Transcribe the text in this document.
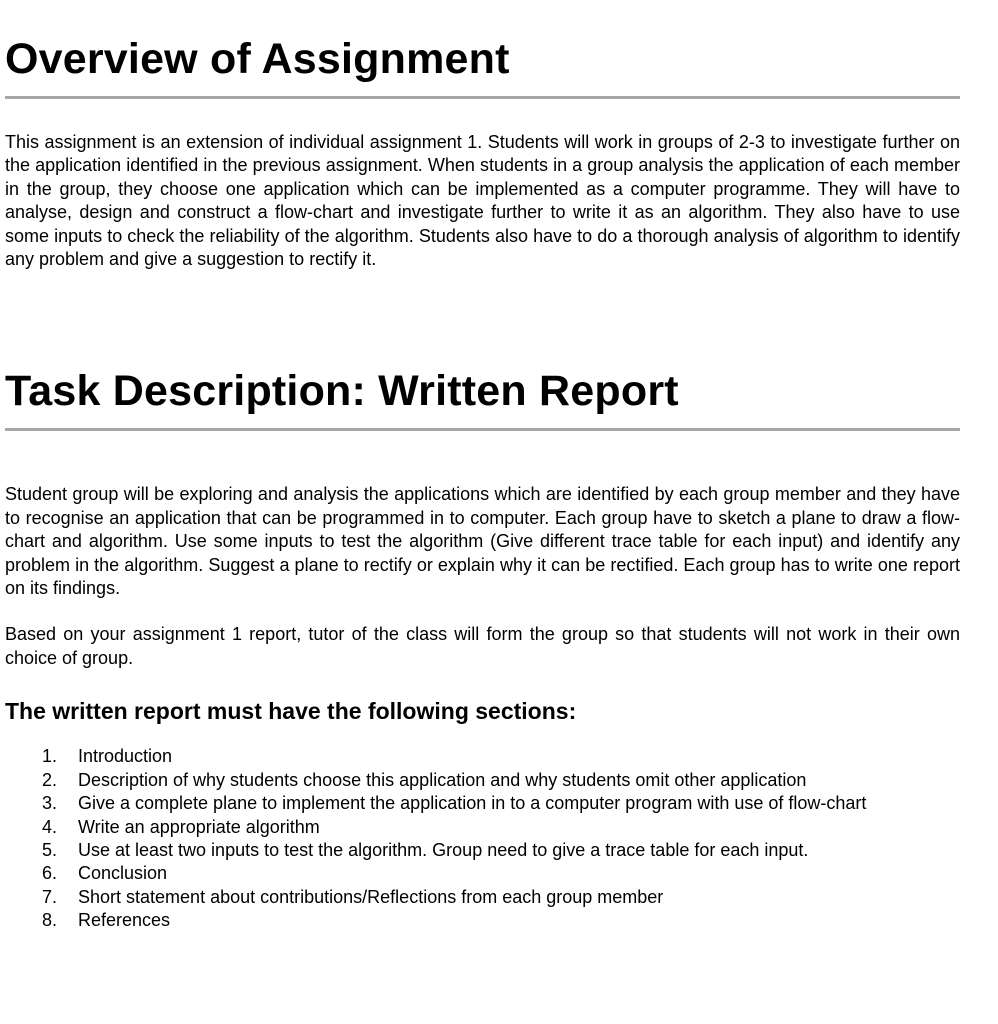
Overview of Assignment

This assignment is an extension of individual assignment 1. Students will work in groups of 2-3 to investigate further on the application identified in the previous assignment. When students in a group analysis the application of each member in the group, they choose one application which can be implemented as a computer programme. They will have to analyse, design and construct a flow-chart and investigate further to write it as an algorithm. They also have to use some inputs to check the reliability of the algorithm. Students also have to do a thorough analysis of algorithm to identify any problem and give a suggestion to rectify it.

Task Description: Written Report

Student group will be exploring and analysis the applications which are identified by each group member and they have to recognise an application that can be programmed in to computer. Each group have to sketch a plane to draw a flow-chart and algorithm. Use some inputs to test the algorithm (Give different trace table for each input) and identify any problem in the algorithm. Suggest a plane to rectify or explain why it can be rectified. Each group has to write one report on its findings.

Based on your assignment 1 report, tutor of the class will form the group so that students will not work in their own choice of group.

The written report must have the following sections:
1. Introduction
2. Description of why students choose this application and why students omit other application
3. Give a complete plane to implement the application in to a computer program with use of flow-chart
4. Write an appropriate algorithm
5. Use at least two inputs to test the algorithm. Group need to give a trace table for each input.
6. Conclusion
7. Short statement about contributions/Reflections from each group member
8. References
